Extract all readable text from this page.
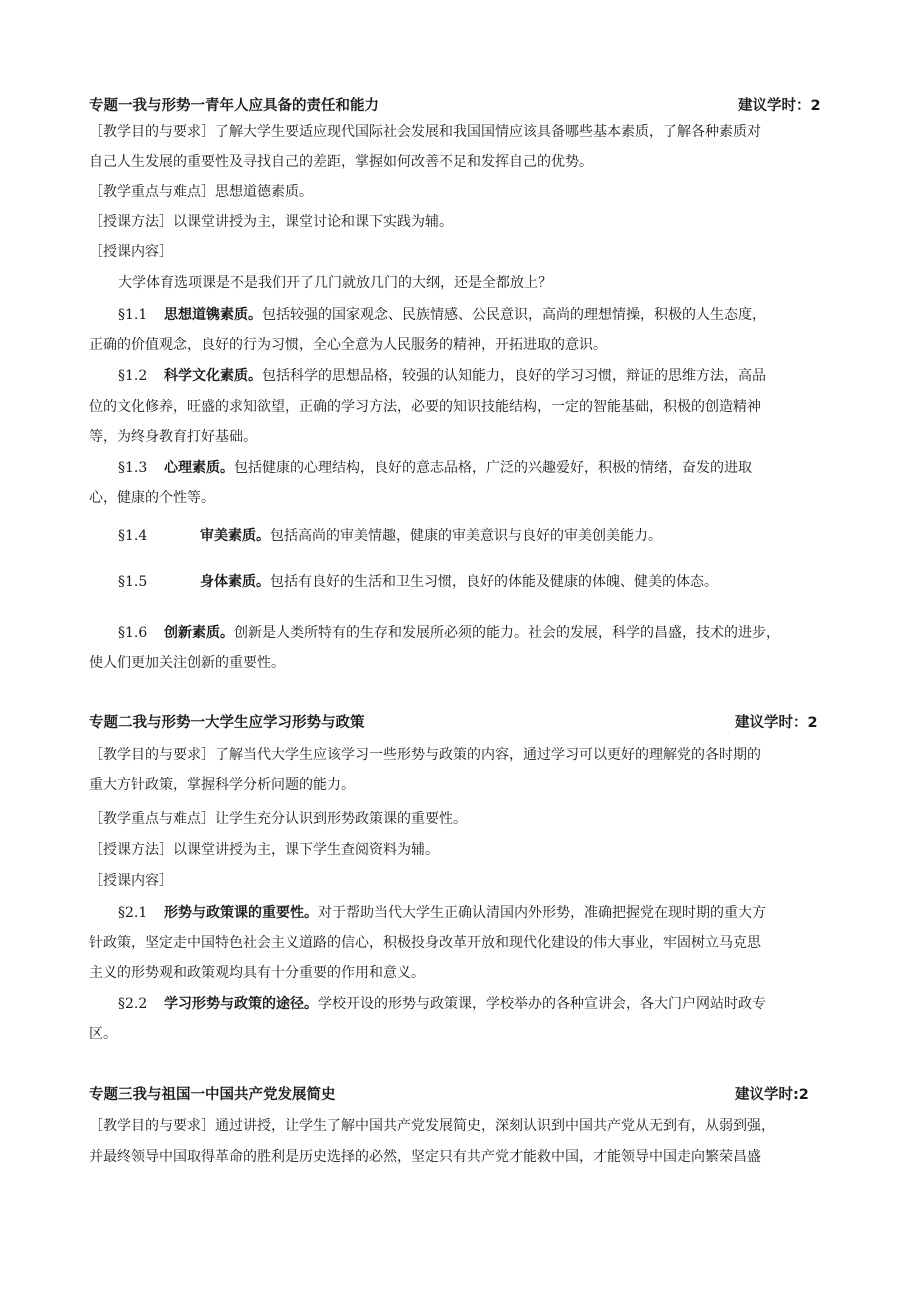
专题一我与形势一青年人应具备的责任和能力	建议学时：2
［教学目的与要求］了解大学生要适应现代国际社会发展和我国国情应该具备哪些基本素质，了解各种素质对
自己人生发展的重要性及寻找自己的差距，掌握如何改善不足和发挥自己的优势。
［教学重点与难点］思想道德素质。
［授课方法］以课堂讲授为主，课堂讨论和课下实践为辅。
［授课内容］
大学体育选项课是不是我们开了几门就放几门的大纲，还是全都放上？
§1.1 思想道镌素质。包括较强的国家观念、民族情感、公民意识，高尚的理想情操，积极的人生态度，
正确的价值观念，良好的行为习惯，全心全意为人民服务的精神，开拓进取的意识。
§1.2 科学文化素质。包括科学的思想品格，较强的认知能力，良好的学习习惯，辩证的思维方法，高品
位的文化修养，旺盛的求知欲望，正确的学习方法，必要的知识技能结构，一定的智能基础，积极的创造精神
等，为终身教育打好基础。
§1.3 心理素质。包括健康的心理结构，良好的意志品格，广泛的兴趣爱好，积极的情绪，奋发的进取
心，健康的个性等。
§1.4	审美素质。包括高尚的审美情趣，健康的审美意识与良好的审美创美能力。
§1.5	身体素质。包括有良好的生活和卫生习惯，良好的体能及健康的体魄、健美的体态。
§1.6 创新素质。创新是人类所特有的生存和发展所必须的能力。社会的发展，科学的昌盛，技术的进步，
使人们更加关注创新的重要性。
专题二我与形势一大学生应学习形势与政策	建议学时：2
［教学目的与要求］了解当代大学生应该学习一些形势与政策的内容，通过学习可以更好的理解党的各时期的
重大方针政策，掌握科学分析问题的能力。
［教学重点与难点］让学生充分认识到形势政策课的重要性。
［授课方法］以课堂讲授为主，课下学生查阅资料为辅。
［授课内容］
§2.1 形势与政策课的重要性。对于帮助当代大学生正确认清国内外形势，准确把握党在现时期的重大方
针政策，坚定走中国特色社会主义道路的信心，积极投身改革开放和现代化建设的伟大事业，牢固树立马克思
主义的形势观和政策观均具有十分重要的作用和意义。
§2.2 学习形势与政策的途径。学校开设的形势与政策课，学校举办的各种宣讲会，各大门户网站时政专
区。
专题三我与祖国一中国共产党发展简史	建议学时:2
［教学目的与要求］通过讲授，让学生了解中国共产党发展简史，深刻认识到中国共产党从无到有，从弱到强，
并最终领导中国取得革命的胜利是历史选择的必然，坚定只有共产党才能救中国，才能领导中国走向繁荣昌盛
